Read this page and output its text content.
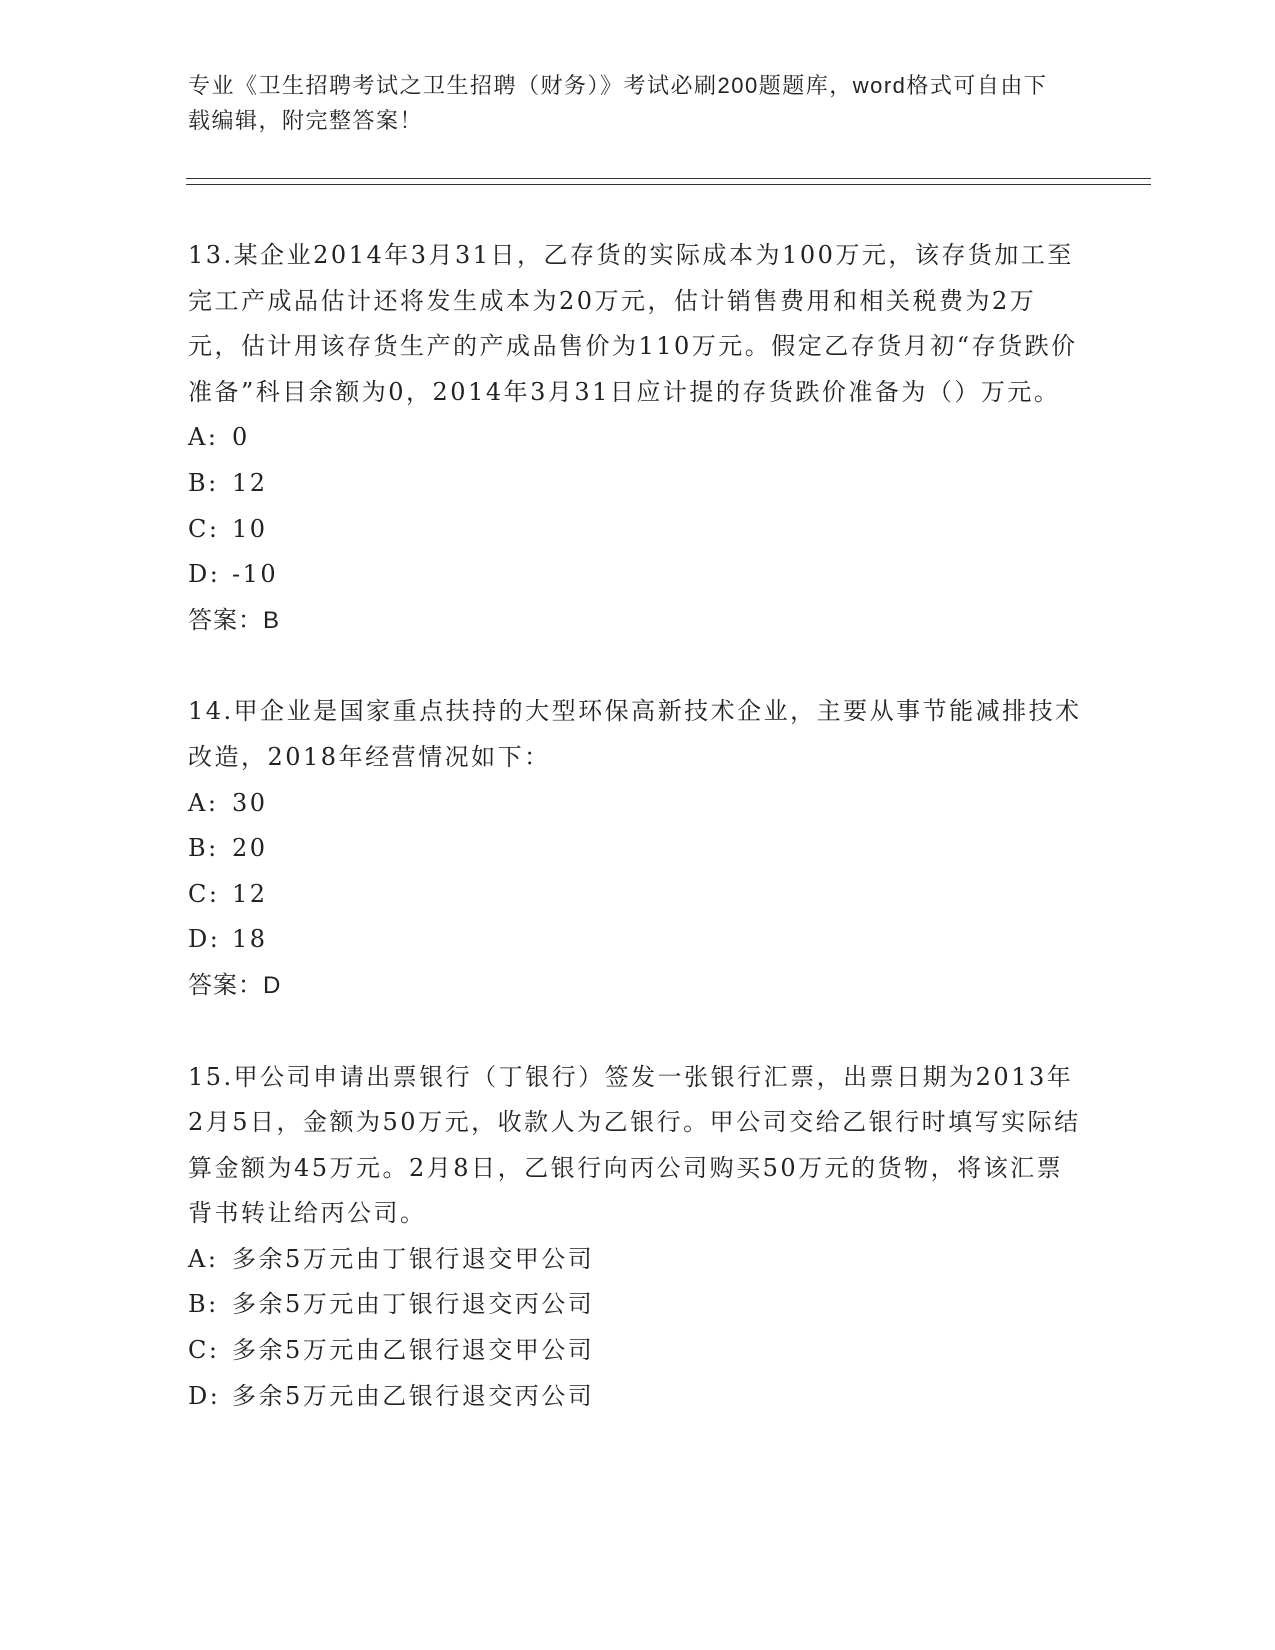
专业《卫生招聘考试之卫生招聘（财务）》考试必刷200题题库，word格式可自由下载编辑，附完整答案！

13.某企业2014年3月31日，乙存货的实际成本为100万元，该存货加工至完工产成品估计还将发生成本为20万元，估计销售费用和相关税费为2万元，估计用该存货生产的产成品售价为110万元。假定乙存货月初“存货跌价准备”科目余额为0，2014年3月31日应计提的存货跌价准备为（）万元。

A: 0

B: 12

C: 10

D: -10

答案：B

14.甲企业是国家重点扶持的大型环保高新技术企业，主要从事节能减排技术改造，2018年经营情况如下：

A: 30

B: 20

C: 12

D: 18

答案：D

15.甲公司申请出票银行（丁银行）签发一张银行汇票，出票日期为2013年2月5日，金额为50万元，收款人为乙银行。甲公司交给乙银行时填写实际结算金额为45万元。2月8日，乙银行向丙公司购买50万元的货物，将该汇票背书转让给丙公司。

A: 多余5万元由丁银行退交甲公司

B: 多余5万元由丁银行退交丙公司

C: 多余5万元由乙银行退交甲公司

D: 多余5万元由乙银行退交丙公司
